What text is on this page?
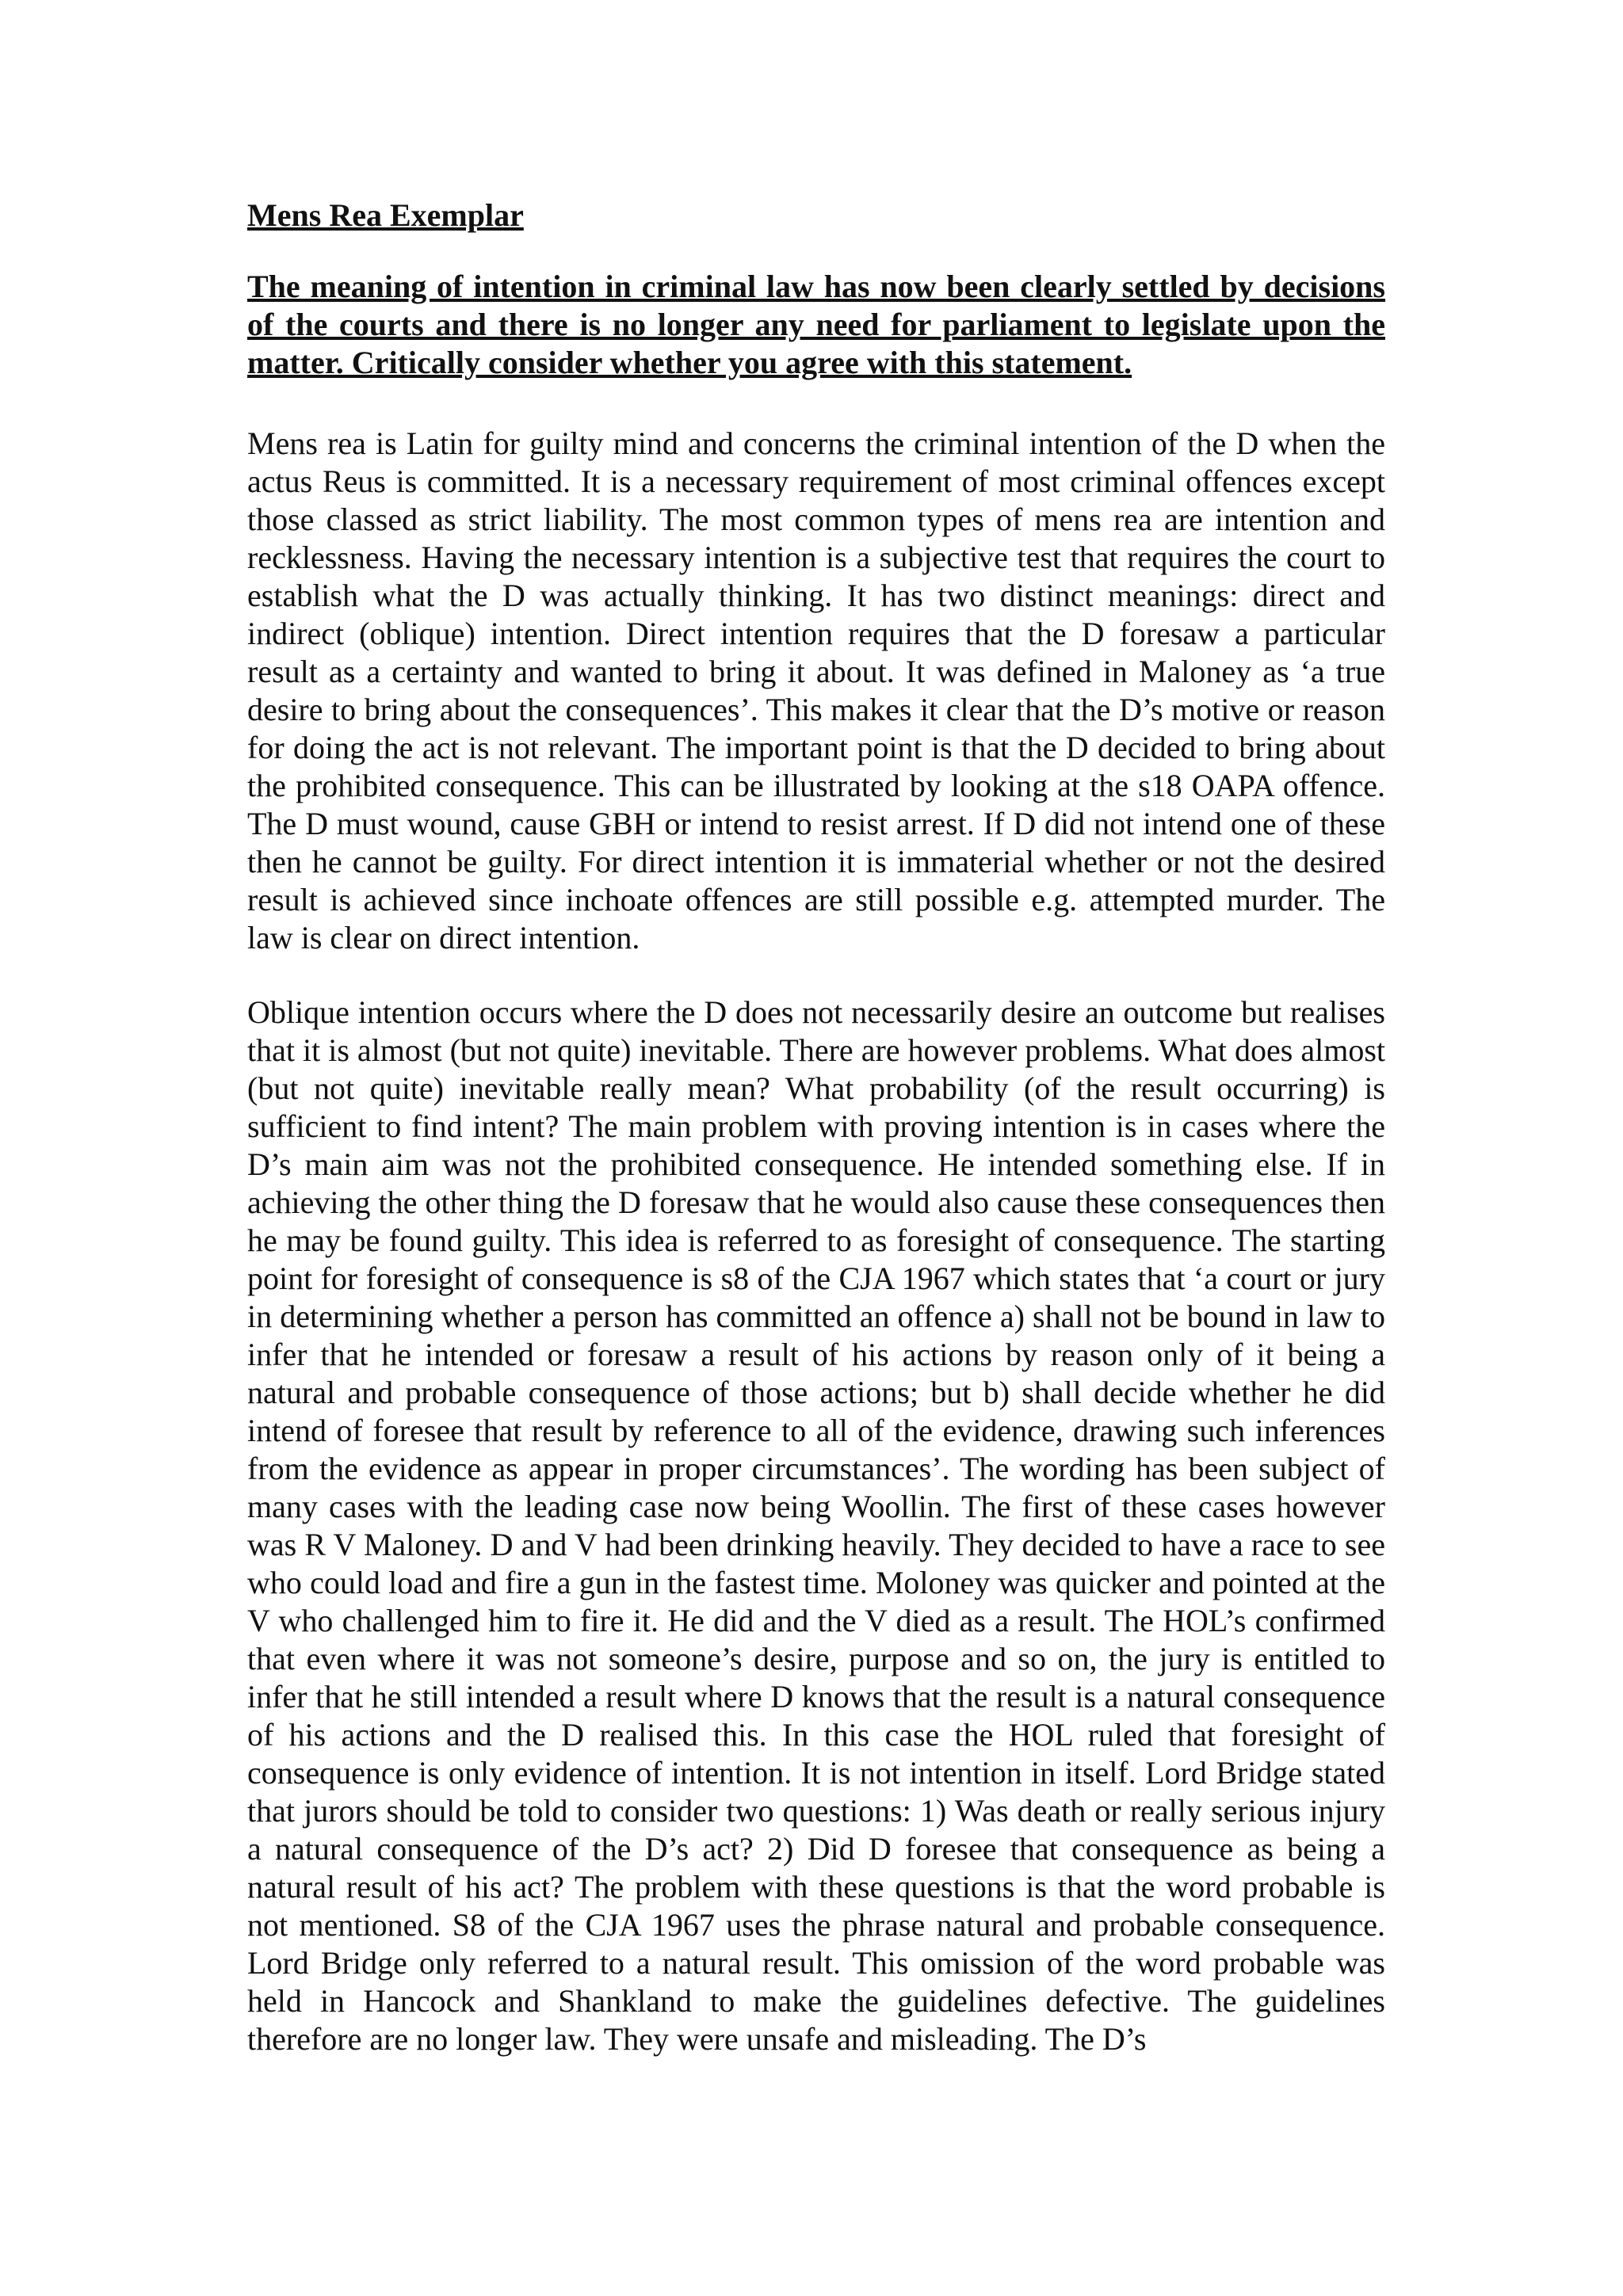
Mens Rea Exemplar
The meaning of intention in criminal law has now been clearly settled by decisions of the courts and there is no longer any need for parliament to legislate upon the matter. Critically consider whether you agree with this statement.

Mens rea is Latin for guilty mind and concerns the criminal intention of the D when the actus Reus is committed. It is a necessary requirement of most criminal offences except those classed as strict liability. The most common types of mens rea are intention and recklessness. Having the necessary intention is a subjective test that requires the court to establish what the D was actually thinking. It has two distinct meanings: direct and indirect (oblique) intention. Direct intention requires that the D foresaw a particular result as a certainty and wanted to bring it about. It was defined in Maloney as ‘a true desire to bring about the consequences’. This makes it clear that the D’s motive or reason for doing the act is not relevant. The important point is that the D decided to bring about the prohibited consequence. This can be illustrated by looking at the s18 OAPA offence. The D must wound, cause GBH or intend to resist arrest. If D did not intend one of these then he cannot be guilty. For direct intention it is immaterial whether or not the desired result is achieved since inchoate offences are still possible e.g. attempted murder. The law is clear on direct intention.

Oblique intention occurs where the D does not necessarily desire an outcome but realises that it is almost (but not quite) inevitable. There are however problems. What does almost (but not quite) inevitable really mean? What probability (of the result occurring) is sufficient to find intent? The main problem with proving intention is in cases where the D’s main aim was not the prohibited consequence. He intended something else. If in achieving the other thing the D foresaw that he would also cause these consequences then he may be found guilty. This idea is referred to as foresight of consequence. The starting point for foresight of consequence is s8 of the CJA 1967 which states that ‘a court or jury in determining whether a person has committed an offence a) shall not be bound in law to infer that he intended or foresaw a result of his actions by reason only of it being a natural and probable consequence of those actions; but b) shall decide whether he did intend of foresee that result by reference to all of the evidence, drawing such inferences from the evidence as appear in proper circumstances’. The wording has been subject of many cases with the leading case now being Woollin. The first of these cases however was R V Maloney. D and V had been drinking heavily. They decided to have a race to see who could load and fire a gun in the fastest time. Moloney was quicker and pointed at the V who challenged him to fire it. He did and the V died as a result. The HOL’s confirmed that even where it was not someone’s desire, purpose and so on, the jury is entitled to infer that he still intended a result where D knows that the result is a natural consequence of his actions and the D realised this. In this case the HOL ruled that foresight of consequence is only evidence of intention. It is not intention in itself. Lord Bridge stated that jurors should be told to consider two questions: 1) Was death or really serious injury a natural consequence of the D’s act? 2) Did D foresee that consequence as being a natural result of his act? The problem with these questions is that the word probable is not mentioned. S8 of the CJA 1967 uses the phrase natural and probable consequence. Lord Bridge only referred to a natural result. This omission of the word probable was held in Hancock and Shankland to make the guidelines defective. The guidelines therefore are no longer law. They were unsafe and misleading. The D’s
